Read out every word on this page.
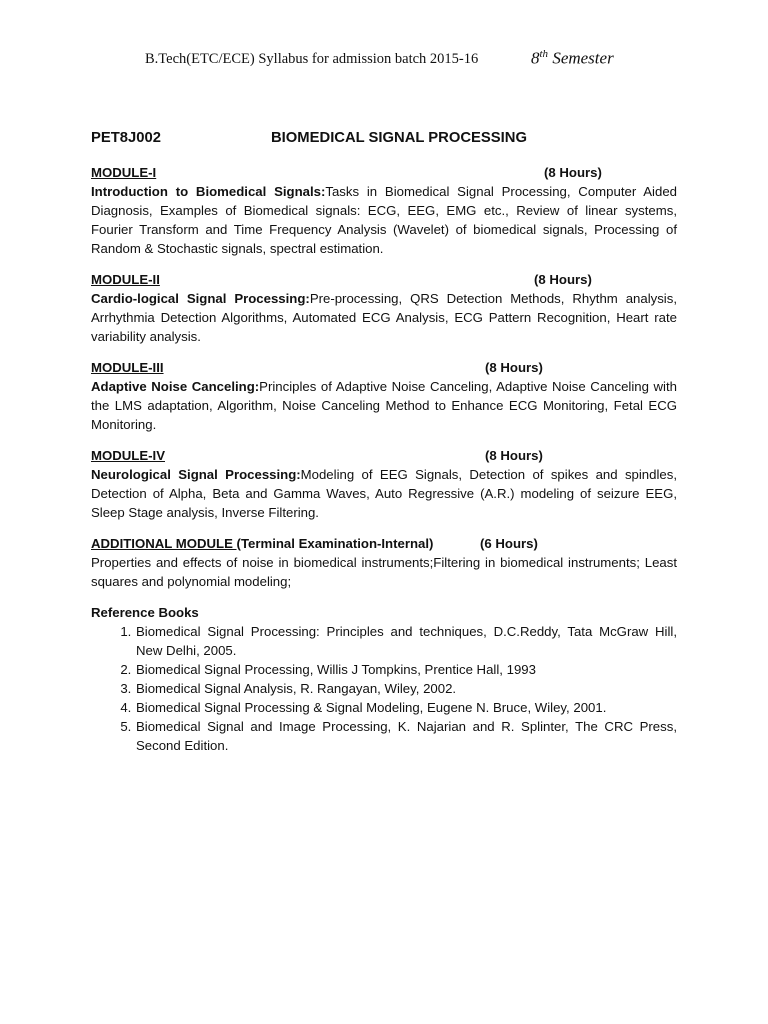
B.Tech(ETC/ECE) Syllabus for admission batch 2015-16	8th Semester
PET8J002	BIOMEDICAL SIGNAL PROCESSING
MODULE-I	(8 Hours)
Introduction to Biomedical Signals:Tasks in Biomedical Signal Processing, Computer Aided Diagnosis, Examples of Biomedical signals: ECG, EEG, EMG etc., Review of linear systems, Fourier Transform and Time Frequency Analysis (Wavelet) of biomedical signals, Processing of Random & Stochastic signals, spectral estimation.
MODULE-II	(8 Hours)
Cardio-logical Signal Processing:Pre-processing, QRS Detection Methods, Rhythm analysis, Arrhythmia Detection Algorithms, Automated ECG Analysis, ECG Pattern Recognition, Heart rate variability analysis.
MODULE-III	(8 Hours)
Adaptive Noise Canceling:Principles of Adaptive Noise Canceling, Adaptive Noise Canceling with the LMS adaptation, Algorithm, Noise Canceling Method to Enhance ECG Monitoring, Fetal ECG Monitoring.
MODULE-IV	(8 Hours)
Neurological Signal Processing:Modeling of EEG Signals, Detection of spikes and spindles, Detection of Alpha, Beta and Gamma Waves, Auto Regressive (A.R.) modeling of seizure EEG, Sleep Stage analysis, Inverse Filtering.
ADDITIONAL MODULE (Terminal Examination-Internal)	(6 Hours)
Properties and effects of noise in biomedical instruments;Filtering in biomedical instruments; Least squares and polynomial modeling;
Reference Books
1. Biomedical Signal Processing: Principles and techniques, D.C.Reddy, Tata McGraw Hill, New Delhi, 2005.
2. Biomedical Signal Processing, Willis J Tompkins, Prentice Hall, 1993
3. Biomedical Signal Analysis, R. Rangayan, Wiley, 2002.
4. Biomedical Signal Processing & Signal Modeling, Eugene N. Bruce, Wiley, 2001.
5. Biomedical Signal and Image Processing, K. Najarian and R. Splinter, The CRC Press, Second Edition.
